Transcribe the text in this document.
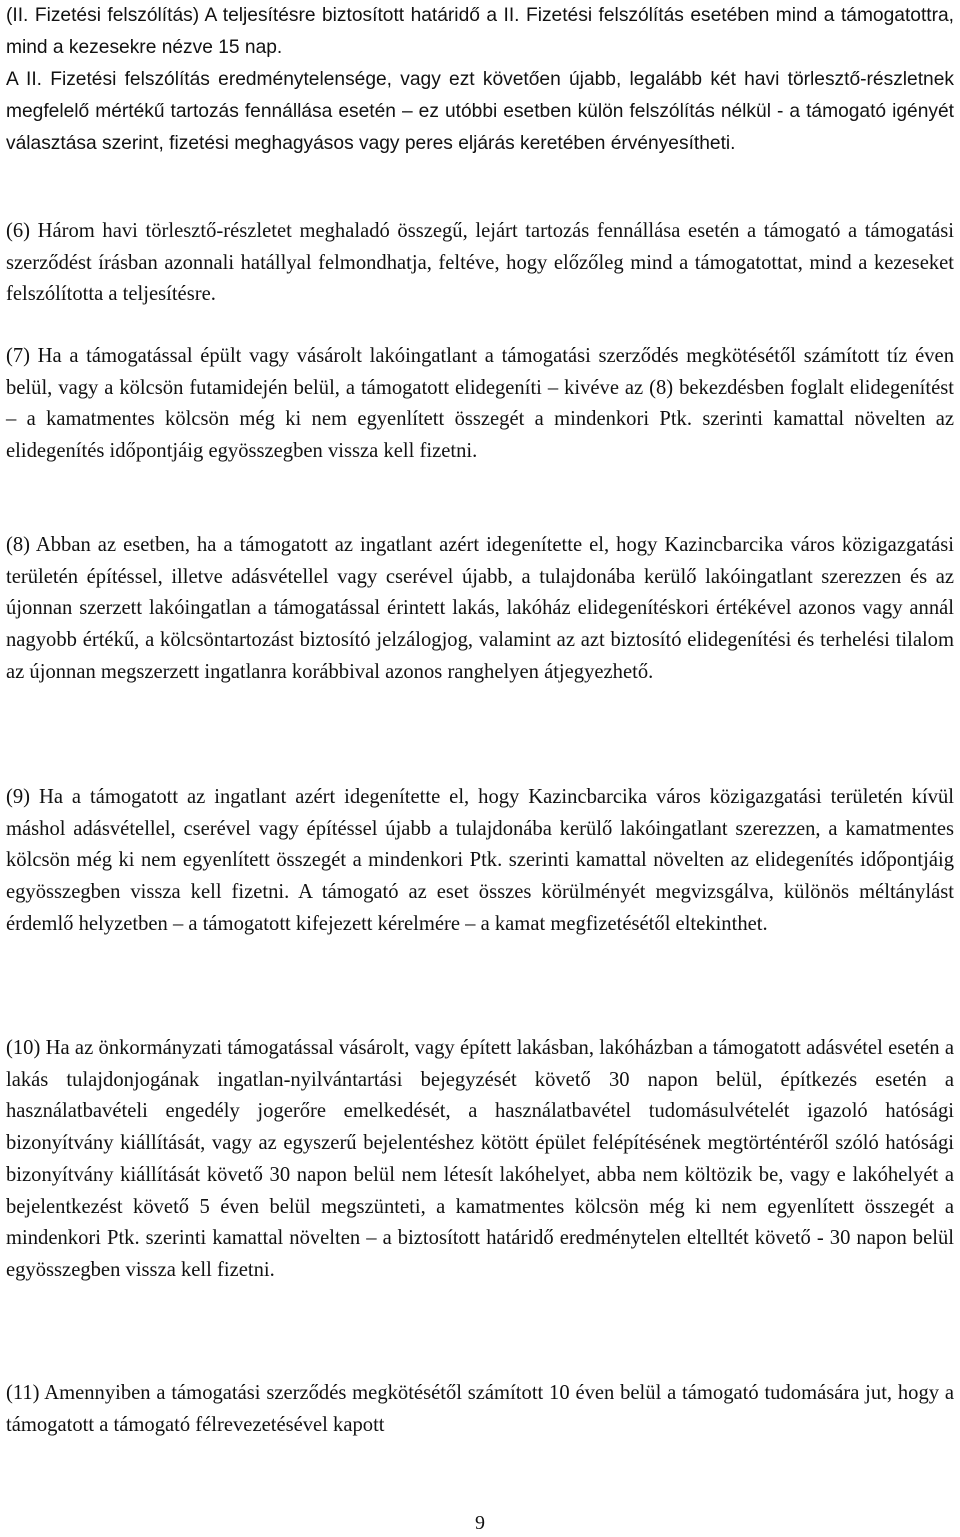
(II. Fizetési felszólítás) A teljesítésre biztosított határidő a II. Fizetési felszólítás esetében mind a támogatottra, mind a kezesekre nézve 15 nap.

A II. Fizetési felszólítás eredménytelensége, vagy ezt követően újabb, legalább két havi törlesztő-részletnek megfelelő mértékű tartozás fennállása esetén – ez utóbbi esetben külön felszólítás nélkül - a támogató igényét választása szerint, fizetési meghagyásos vagy peres eljárás keretében érvényesítheti.

(6) Három havi törlesztő-részletet meghaladó összegű, lejárt tartozás fennállása esetén a támogató a támogatási szerződést írásban azonnali hatállyal felmondhatja, feltéve, hogy előzőleg mind a támogatottat, mind a kezeseket felszólította a teljesítésre.

(7) Ha a támogatással épült vagy vásárolt lakóingatlant a támogatási szerződés megkötésétől számított tíz éven belül, vagy a kölcsön futamidején belül, a támogatott elidegeníti – kivéve az (8) bekezdésben foglalt elidegenítést – a kamatmentes kölcsön még ki nem egyenlített összegét a mindenkori Ptk. szerinti kamattal növelten az elidegenítés időpontjáig egyösszegben vissza kell fizetni.

(8) Abban az esetben, ha a támogatott az ingatlant azért idegenítette el, hogy Kazincbarcika város közigazgatási területén építéssel, illetve adásvétellel vagy cserével újabb, a tulajdonába kerülő lakóingatlant szerezzen és az újonnan szerzett lakóingatlan a támogatással érintett lakás, lakóház elidegenítéskori értékével azonos vagy annál nagyobb értékű, a kölcsöntartozást biztosító jelzálogjog, valamint az azt biztosító elidegenítési és terhelési tilalom az újonnan megszerzett ingatlanra korábbival azonos ranghelyen átjegyezhető.

(9) Ha a támogatott az ingatlant azért idegenítette el, hogy Kazincbarcika város közigazgatási területén kívül máshol adásvétellel, cserével vagy építéssel újabb a tulajdonába kerülő lakóingatlant szerezzen, a kamatmentes kölcsön még ki nem egyenlített összegét a mindenkori Ptk. szerinti kamattal növelten az elidegenítés időpontjáig egyösszegben vissza kell fizetni. A támogató az eset összes körülményét megvizsgálva, különös méltánylást érdemlő helyzetben – a támogatott kifejezett kérelmére – a kamat megfizetésétől eltekinthet.

(10) Ha az önkormányzati támogatással vásárolt, vagy épített lakásban, lakóházban a támogatott adásvétel esetén a lakás tulajdonjogának ingatlan-nyilvántartási bejegyzését követő 30 napon belül, építkezés esetén a használatbavételi engedély jogerőre emelkedését, a használatbavétel tudomásulvételét igazoló hatósági bizonyítvány kiállítását, vagy az egyszerű bejelentéshez kötött épület felépítésének megtörténtéről szóló hatósági bizonyítvány kiállítását követő 30 napon belül nem létesít lakóhelyet, abba nem költözik be, vagy e lakóhelyét a bejelentkezést követő 5 éven belül megszünteti, a kamatmentes kölcsön még ki nem egyenlített összegét a mindenkori Ptk. szerinti kamattal növelten – a biztosított határidő eredménytelen eltelltét követő - 30 napon belül egyösszegben vissza kell fizetni.

(11) Amennyiben a támogatási szerződés megkötésétől számított 10 éven belül a támogató tudomására jut, hogy a támogatott a támogató félrevezetésével kapott

9
